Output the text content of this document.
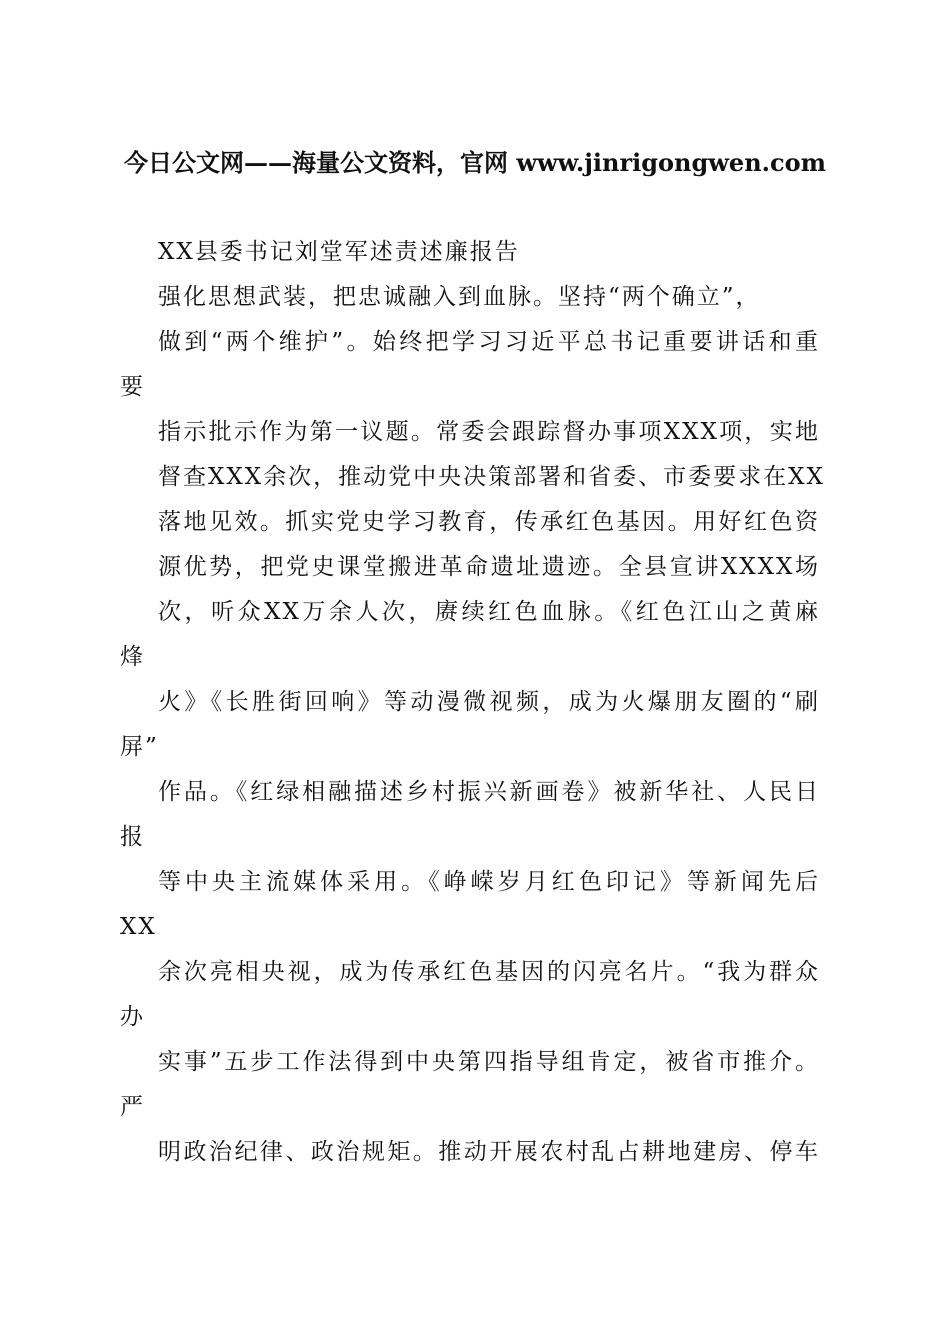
今日公文网——海量公文资料，官网 www.jinrigongwen.com
XX县委书记刘堂军述责述廉报告
强化思想武装，把忠诚融入到血脉。坚持“两个确立”，
做到“两个维护”。始终把学习习近平总书记重要讲话和重
要
指示批示作为第一议题。常委会跟踪督办事项XXX项，实地
督查XXX余次，推动党中央决策部署和省委、市委要求在XX
落地见效。抓实党史学习教育，传承红色基因。用好红色资
源优势，把党史课堂搬进革命遗址遗迹。全县宣讲XXXX场
次，听众XX万余人次，赓续红色血脉。《红色江山之黄麻
烽
火》《长胜街回响》等动漫微视频，成为火爆朋友圈的“刷
屏”
作品。《红绿相融描述乡村振兴新画卷》被新华社、人民日
报
等中央主流媒体采用。《峥嵘岁月红色印记》等新闻先后
XX
余次亮相央视，成为传承红色基因的闪亮名片。“我为群众
办
实事”五步工作法得到中央第四指导组肯定，被省市推介。
严
明政治纪律、政治规矩。推动开展农村乱占耕地建房、停车
